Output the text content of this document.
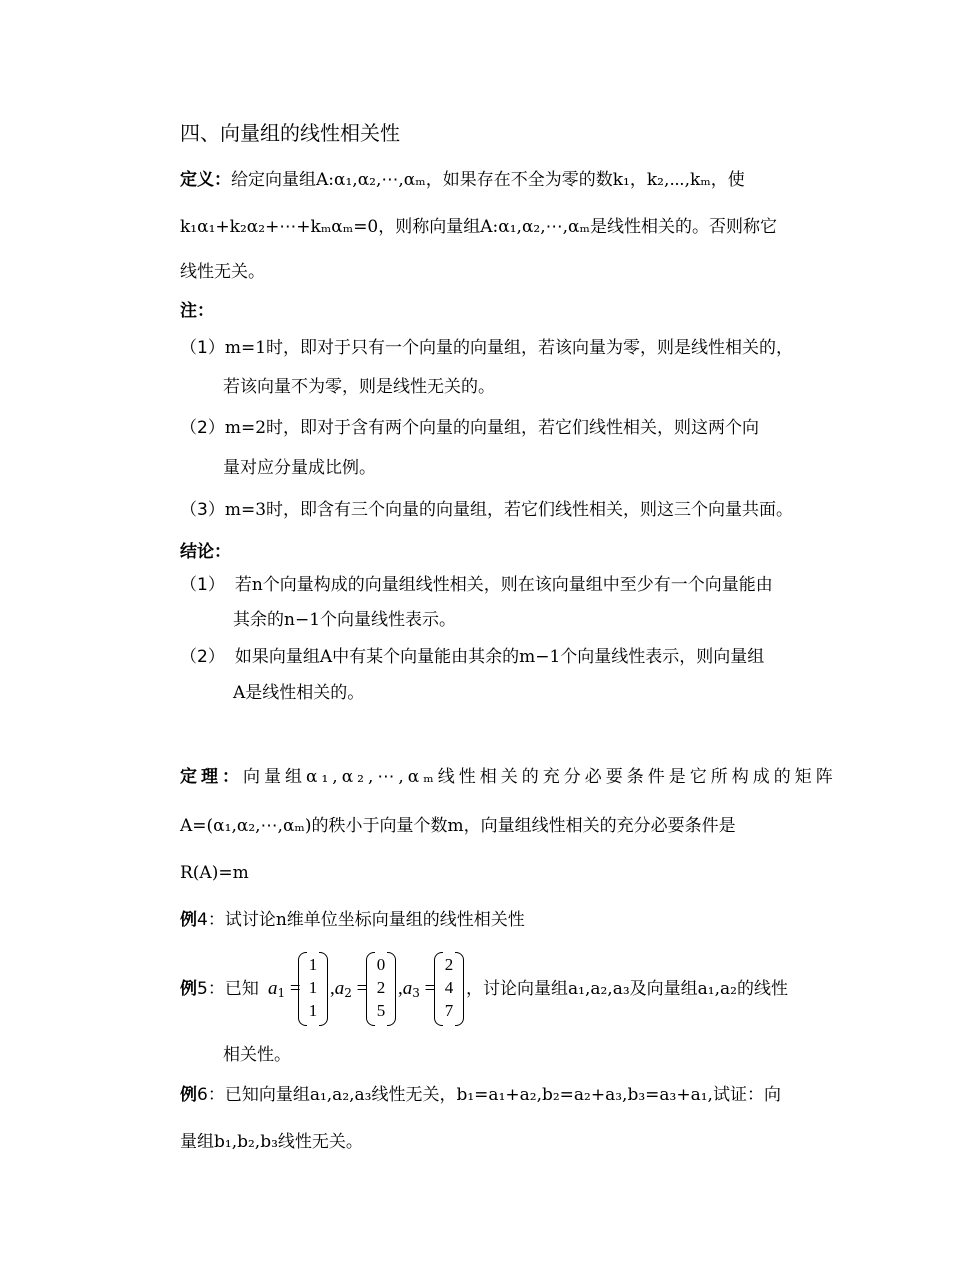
四、向量组的线性相关性
定义：给定向量组A:α₁,α₂,⋯,αₘ，如果存在不全为零的数k₁，k₂,⋯,kₘ，使
k₁α₁+k₂α₂+⋯+kₘαₘ=0，则称向量组A:α₁,α₂,⋯,αₘ是线性相关的。否则称它
线性无关。
注：
（1）m=1时，即对于只有一个向量的向量组，若该向量为零，则是线性相关的，
若该向量不为零，则是线性无关的。
（2）m=2时，即对于含有两个向量的向量组，若它们线性相关，则这两个向
量对应分量成比例。
（3）m=3时，即含有三个向量的向量组，若它们线性相关，则这三个向量共面。
结论：
（1） 若n个向量构成的向量组线性相关，则在该向量组中至少有一个向量能由
其余的n−1个向量线性表示。
（2） 如果向量组A中有某个向量能由其余的m−1个向量线性表示，则向量组
A是线性相关的。
定理：向量组α₁,α₂,⋯,αₘ线性相关的充分必要条件是它所构成的矩阵
A=(α₁,α₂,⋯,αₘ)的秩小于向量个数m，向量组线性相关的充分必要条件是
R(A)=m
例4：试讨论n维单位坐标向量组的线性相关性
例5：已知 $a_1$ =
1
1
1
$,a_2$ =
0
2
5
$,a_3$ =
2
4
7
，讨论向量组a₁,a₂,a₃及向量组a₁,a₂的线性
相关性。
例6：已知向量组a₁,a₂,a₃线性无关，b₁=a₁+a₂,b₂=a₂+a₃,b₃=a₃+a₁,试证：向
量组b₁,b₂,b₃线性无关。
